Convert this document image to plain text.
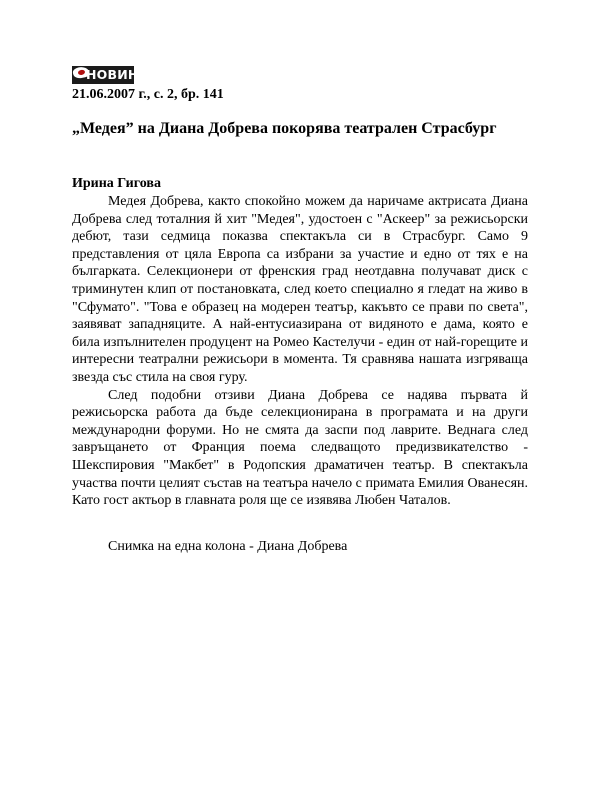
НОВИНАР
21.06.2007 г., с. 2, бр. 141
„Медея” на Диана Добрева покорява театрален Страсбург
Ирина Гигова

Медея Добрева, както спокойно можем да наричаме актрисата Диана Добрева след тоталния й хит "Медея", удостоен с "Аскеер" за режисьорски дебют, тази седмица показва спектакъла си в Страсбург. Само 9 представления от цяла Европа са избрани за участие и едно от тях е на българката. Селекционери от френския град неотдавна получават диск с триминутен клип от постановката, след което специално я гледат на живо в "Сфумато". "Това е образец на модерен театър, какъвто се прави по света", заявяват западняците. А най-ентусиазирана от видяното е дама, която е била изпълнителен продуцент на Ромео Кастелучи - един от най-горещите и интересни театрални режисьори в момента. Тя сравнява нашата изгряваща звезда със стила на своя гуру.

След подобни отзиви Диана Добрева се надява първата й режисьорска работа да бъде селекционирана в програмата и на други международни форуми. Но не смята да заспи под лаврите. Веднага след завръщането от Франция поема следващото предизвикателство - Шекспировия "Макбет" в Родопския драматичен театър. В спектакъла участва почти целият състав на театъра начело с примата Емилия Ованесян. Като гост актьор в главната роля ще се изявява Любен Чаталов.

Снимка на една колона - Диана Добрева
